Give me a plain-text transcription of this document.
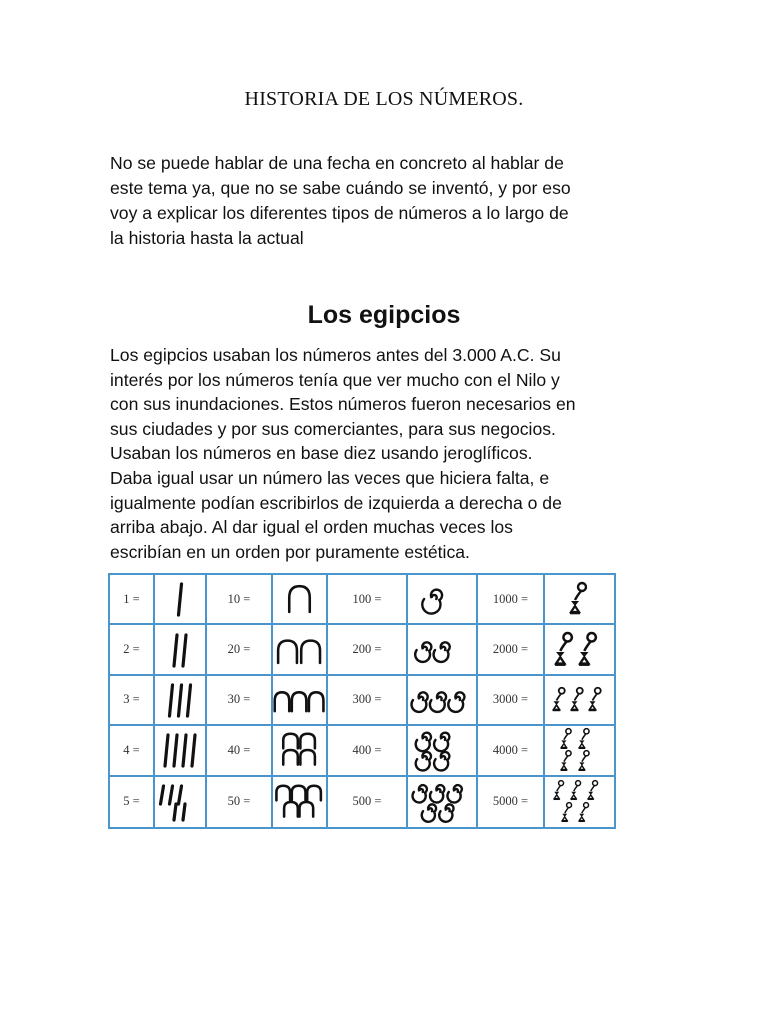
HISTORIA DE LOS NÚMEROS.
No se puede hablar de una fecha en concreto al hablar de
este tema ya, que no se sabe cuándo se inventó, y por eso
voy a explicar los diferentes tipos de números a lo largo de
la historia hasta la actual
Los egipcios
Los egipcios usaban los números antes del 3.000 A.C. Su
interés por los números tenía que ver mucho con el Nilo y
con sus inundaciones. Estos números fueron necesarios en
sus ciudades y por sus comerciantes, para sus negocios.
Usaban los números en base diez usando jeroglíficos.
Daba igual usar un número las veces que hiciera falta, e
igualmente podían escribirlos de izquierda a derecha o de
arriba abajo. Al dar igual el orden muchas veces los
escribían en un orden por puramente estética.
1 =	10 =	100 =	1000 =
2 =	20 =	200 =	2000 =
3 =	30 =	300 =	3000 =
4 =	40 =	400 =	4000 =
5 =	50 =	500 =	5000 =
